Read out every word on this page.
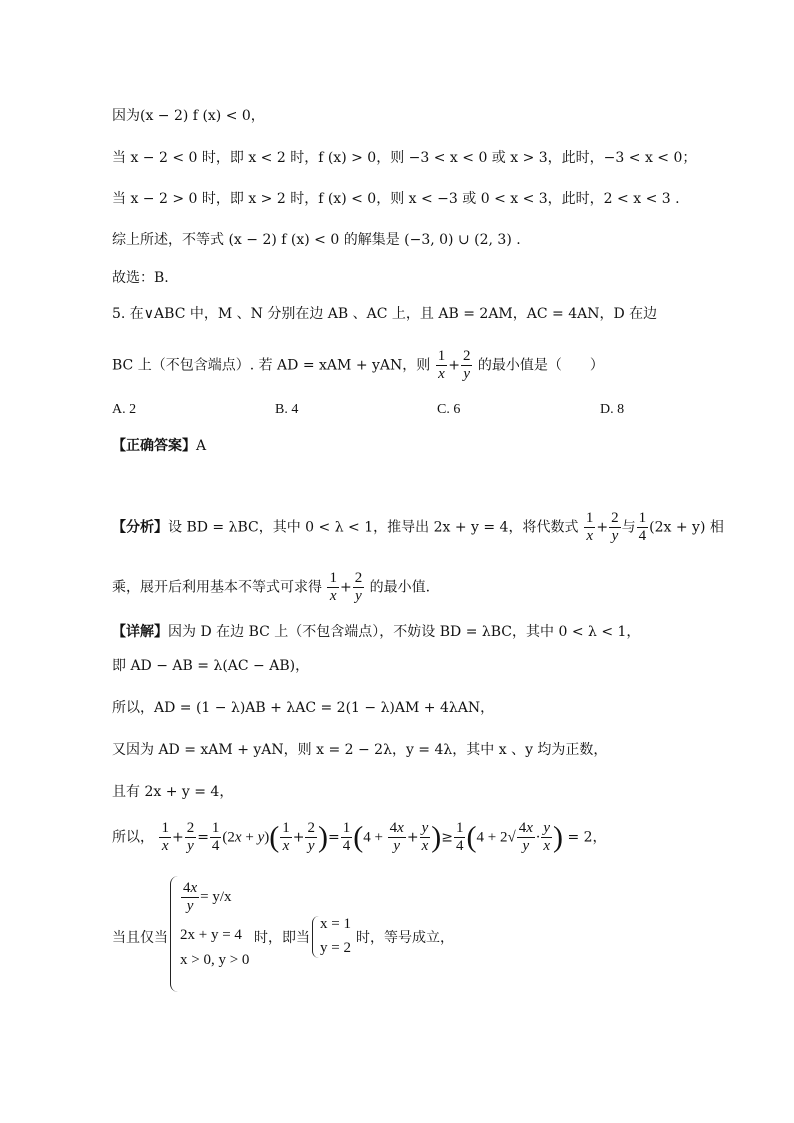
因为(x − 2) f (x) < 0，
当 x − 2 < 0 时，即 x < 2 时，f (x) > 0，则 −3 < x < 0 或 x > 3，此时，−3 < x < 0；
当 x − 2 > 0 时，即 x > 2 时，f (x) < 0，则 x < −3 或 0 < x < 3，此时，2 < x < 3 .
综上所述，不等式 (x − 2) f (x) < 0 的解集是 (−3, 0) ∪ (2, 3) .
故选：B.
5. 在∨ABC 中，M 、N 分别在边 AB 、AC 上，且 AB = 2AM，AC = 4AN，D 在边
BC 上（不包含端点）. 若 AD = xAM + yAN，则 $\frac{1}{x} + \frac{2}{y}$ 的最小值是（　　）
A. 2	B. 4	C. 6	D. 8
【正确答案】A
【分析】设 BD = λBC，其中 0 < λ < 1，推导出 2x + y = 4，将代数式 $\frac{1}{x} + \frac{2}{y}$ 与 $\frac{1}{4} (2x + y)$ 相
乘，展开后利用基本不等式可求得 $\frac{1}{x} + \frac{2}{y}$ 的最小值.
【详解】因为 D 在边 BC 上（不包含端点），不妨设 BD = λBC，其中 0 < λ < 1，
即 AD − AB = λ(AC − AB)，
所以，AD = (1 − λ)AB + λAC = 2(1 − λ)AM + 4λAN，
又因为 AD = xAM + yAN，则 x = 2 − 2λ，y = 4λ，其中 x 、y 均为正数，
且有 2x + y = 4，
所以， $\frac{1}{x} + \frac{2}{y} = \frac{1}{4} (2x + y)( \frac{1}{x} + \frac{2}{y}$ )= $\frac{1}{4} (4 + \frac{4x}{y} + \frac{y}{x}$ )≥ $\frac{1}{4} (4 + 2√ \frac{4x}{y} \cdot \frac{y}{x}$ ) = 2，
$\frac{4x}{y} = y/x$
2x + y = 4
x > 0, y > 0
当且仅当	时，即当
x = 1
y = 2
时，等号成立，
